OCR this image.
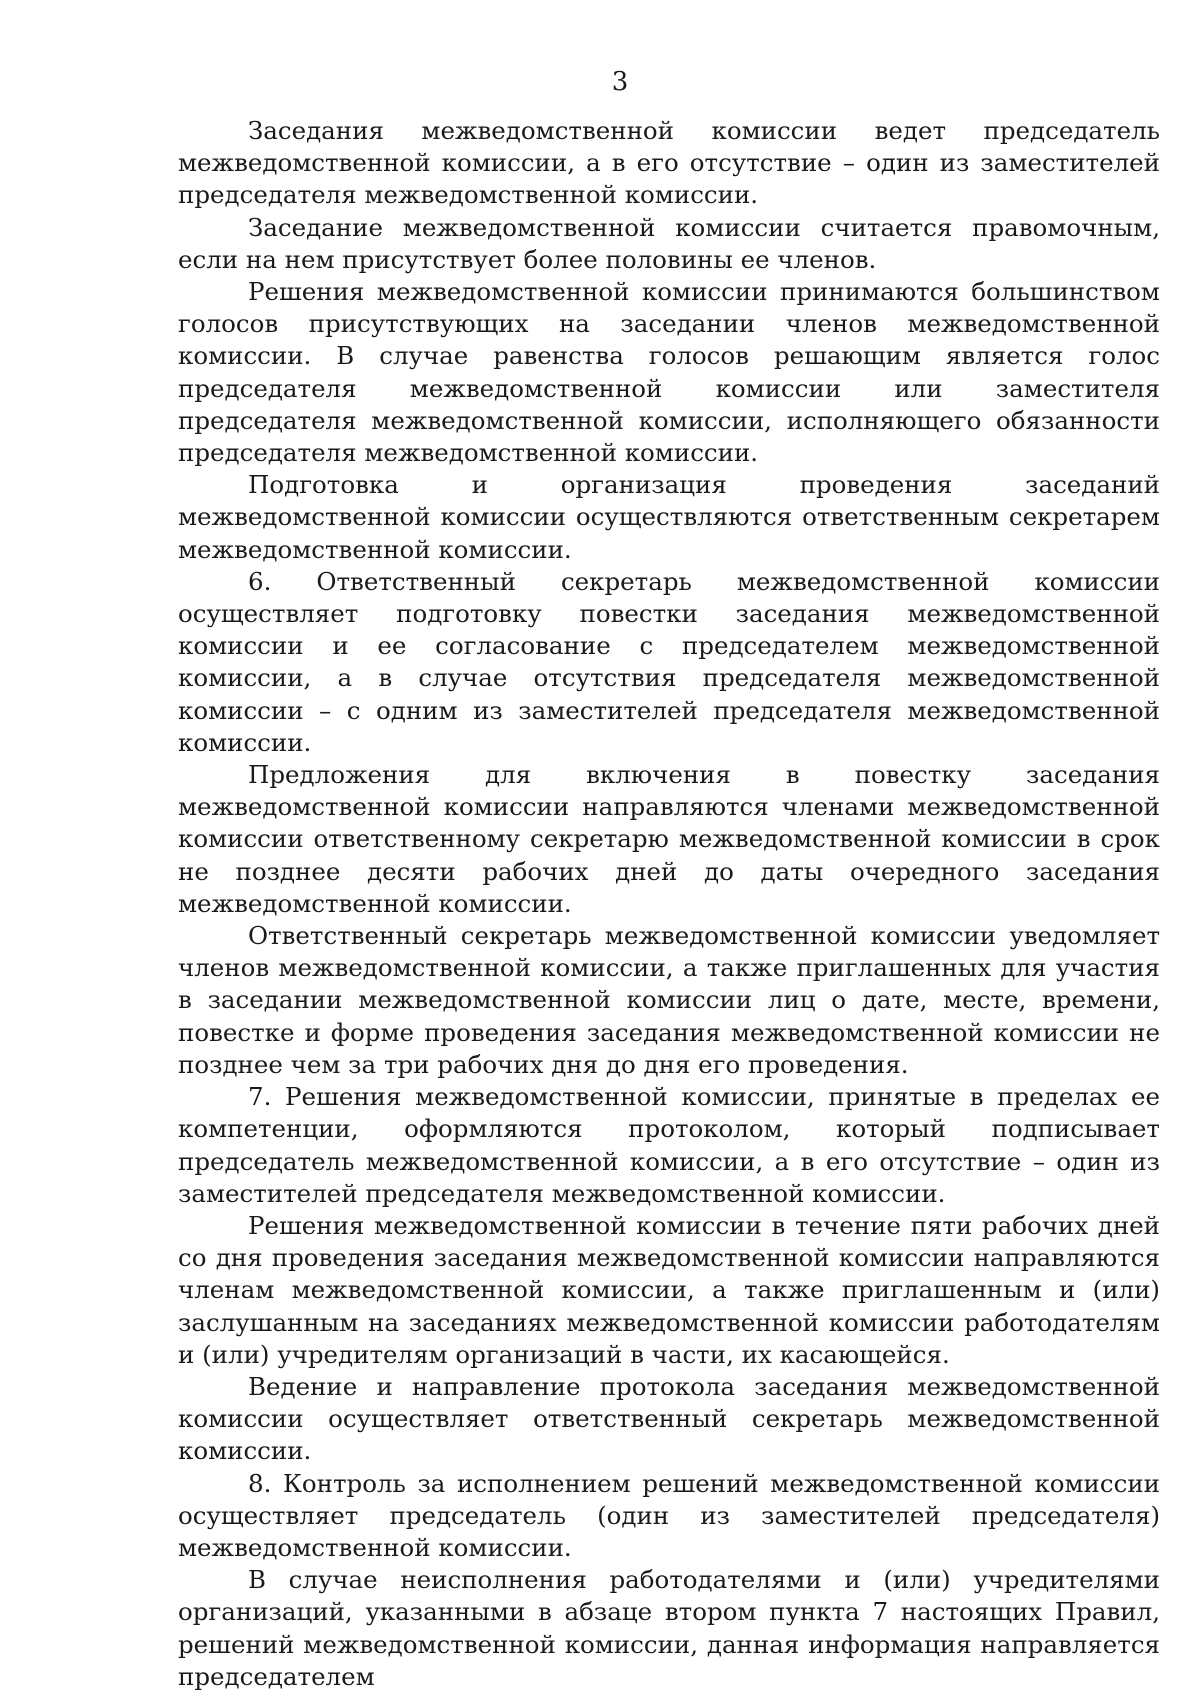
3

Заседания межведомственной комиссии ведет председатель межведомственной комиссии, а в его отсутствие – один из заместителей председателя межведомственной комиссии.

Заседание межведомственной комиссии считается правомочным, если на нем присутствует более половины ее членов.

Решения межведомственной комиссии принимаются большинством голосов присутствующих на заседании членов межведомственной комиссии. В случае равенства голосов решающим является голос председателя межведомственной комиссии или заместителя председателя межведомственной комиссии, исполняющего обязанности председателя межведомственной комиссии.

Подготовка и организация проведения заседаний межведомственной комиссии осуществляются ответственным секретарем межведомственной комиссии.

6. Ответственный секретарь межведомственной комиссии осуществляет подготовку повестки заседания межведомственной комиссии и ее согласование с председателем межведомственной комиссии, а в случае отсутствия председателя межведомственной комиссии – с одним из заместителей председателя межведомственной комиссии.

Предложения для включения в повестку заседания межведомственной комиссии направляются членами межведомственной комиссии ответственному секретарю межведомственной комиссии в срок не позднее десяти рабочих дней до даты очередного заседания межведомственной комиссии.

Ответственный секретарь межведомственной комиссии уведомляет членов межведомственной комиссии, а также приглашенных для участия в заседании межведомственной комиссии лиц о дате, месте, времени, повестке и форме проведения заседания межведомственной комиссии не позднее чем за три рабочих дня до дня его проведения.

7. Решения межведомственной комиссии, принятые в пределах ее компетенции, оформляются протоколом, который подписывает председатель межведомственной комиссии, а в его отсутствие – один из заместителей председателя межведомственной комиссии.

Решения межведомственной комиссии в течение пяти рабочих дней со дня проведения заседания межведомственной комиссии направляются членам межведомственной комиссии, а также приглашенным и (или) заслушанным на заседаниях межведомственной комиссии работодателям и (или) учредителям организаций в части, их касающейся.

Ведение и направление протокола заседания межведомственной комиссии осуществляет ответственный секретарь межведомственной комиссии.

8. Контроль за исполнением решений межведомственной комиссии осуществляет председатель (один из заместителей председателя) межведомственной комиссии.

В случае неисполнения работодателями и (или) учредителями организаций, указанными в абзаце втором пункта 7 настоящих Правил, решений межведомственной комиссии, данная информация направляется председателем
